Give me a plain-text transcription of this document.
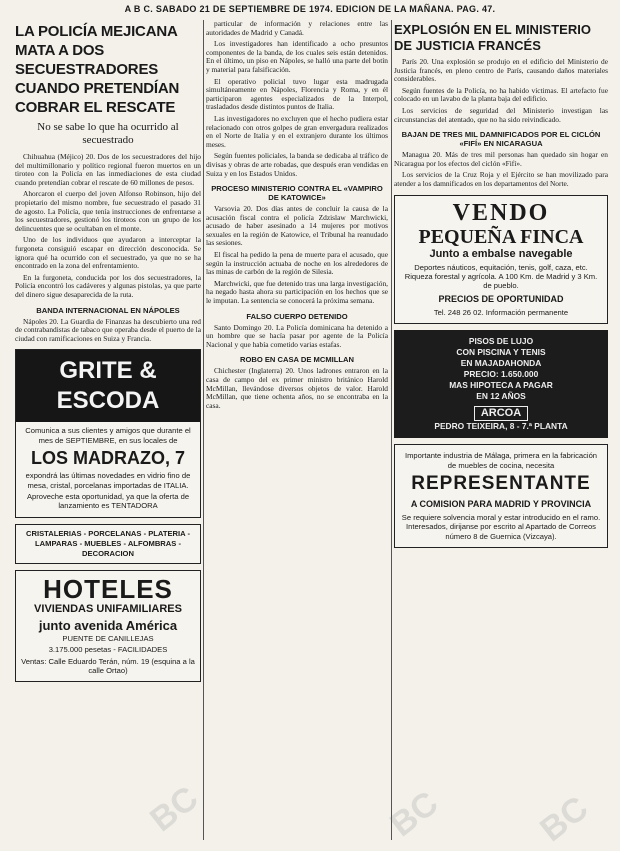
A B C. SABADO 21 DE SEPTIEMBRE DE 1974. EDICION DE LA MAÑANA. PAG. 47.
LA POLICÍA MEJICANA MATA A DOS SECUESTRADORES CUANDO PRETENDÍAN COBRAR EL RESCATE
No se sabe lo que ha ocurrido al secuestrado

Chihuahua (Méjico) 20. Dos de los secuestradores del hijo del multimillonario y político regional fueron muertos en un tiroteo con la Policía en las inmediaciones de esta ciudad cuando pretendían cobrar el rescate de 60 millones de pesos.

Ahorcaron el cuerpo del joven Alfonso Robinson, hijo del propietario del mismo nombre, fue secuestrado el pasado 31 de agosto. La Policía, que tenía instrucciones de enfrentarse a los secuestradores, gestionó los tiroteos con un grupo de los delincuentes que se ocultaban en el monte.

Uno de los individuos que ayudaron a interceptar la furgoneta consiguió escapar en dirección desconocida. Se ignora qué ha ocurrido con el secuestrado, ya que no se ha encontrado en la zona del enfrentamiento.

En la furgoneta, conducida por los dos secuestradores, la Policía encontró los cadáveres y algunas pistolas, ya que parte del dinero sigue desaparecida de la ruta.

BANDA INTERNACIONAL EN NÁPOLES

Nápoles 20. La Guardia de Finanzas ha descubierto una red de contrabandistas de tabaco que operaba desde el puerto de la ciudad con ramificaciones en Suiza y Francia.

GRITE & ESCODA
Comunica a sus clientes y amigos que durante el mes de SEPTIEMBRE, en sus locales de
LOS MADRAZO, 7
expondrá las últimas novedades en vidrio fino de mesa, cristal, porcelanas importadas de ITALIA.
Aproveche esta oportunidad, ya que la oferta de lanzamiento es TENTADORA
CRISTALERIAS - PORCELANAS - PLATERIA - LAMPARAS - MUEBLES - ALFOMBRAS - DECORACION
HOTELES
VIVIENDAS UNIFAMILIARES
junto avenida América
PUENTE DE CANILLEJAS
3.175.000 pesetas - FACILIDADES
Ventas: Calle Eduardo Terán, núm. 19 (esquina a la calle Ortao)

particular de información y relaciones entre las autoridades de Madrid y Canadá.

Los investigadores han identificado a ocho presuntos componentes de la banda, de los cuales seis están detenidos. En el último, un piso en Nápoles, se halló una parte del botín y material para falsificación.

El operativo policial tuvo lugar esta madrugada simultáneamente en Nápoles, Florencia y Roma, y en él participaron agentes especializados de la Interpol, trasladados desde distintos puntos de Italia.

Las investigadores no excluyen que el hecho pudiera estar relacionado con otros golpes de gran envergadura realizados en el Norte de Italia y en el extranjero durante los últimos meses.

Según fuentes policiales, la banda se dedicaba al tráfico de divisas y obras de arte robadas, que después eran vendidas en Suiza y en los Estados Unidos.

PROCESO MINISTERIO CONTRA EL «VAMPIRO DE KATOWICE»

Varsovia 20. Dos días antes de concluir la causa de la acusación fiscal contra el policía Zdzislaw Marchwicki, acusado de haber asesinado a 14 mujeres por motivos sexuales en la región de Katowice, el Tribunal ha reanudado las sesiones.

El fiscal ha pedido la pena de muerte para el acusado, que según la instrucción actuaba de noche en los alrededores de las minas de carbón de la región de Silesia.

Marchwicki, que fue detenido tras una larga investigación, ha negado hasta ahora su participación en los hechos que se le imputan. La sentencia se conocerá la próxima semana.

FALSO CUERPO DETENIDO

Santo Domingo 20. La Policía dominicana ha detenido a un hombre que se hacía pasar por agente de la Policía Nacional y que había cometido varias estafas.

ROBO EN CASA DE MCMILLAN

Chichester (Inglaterra) 20. Unos ladrones entraron en la casa de campo del ex primer ministro británico Harold McMillan, llevándose diversos objetos de valor. Harold McMillan, que tiene ochenta años, no se encontraba en la casa.

EXPLOSIÓN EN EL MINISTERIO DE JUSTICIA FRANCÉS

París 20. Una explosión se produjo en el edificio del Ministerio de Justicia francés, en pleno centro de París, causando daños materiales considerables.

Según fuentes de la Policía, no ha habido víctimas. El artefacto fue colocado en un lavabo de la planta baja del edificio.

Los servicios de seguridad del Ministerio investigan las circunstancias del atentado, que no ha sido reivindicado.

BAJAN DE TRES MIL DAMNIFICADOS POR EL CICLÓN «FIFÍ» EN NICARAGUA

Managua 20. Más de tres mil personas han quedado sin hogar en Nicaragua por los efectos del ciclón «Fifí».

Los servicios de la Cruz Roja y el Ejército se han movilizado para atender a los damnificados en los departamentos del Norte.

VENDO
PEQUEÑA FINCA
Junto a embalse navegable
Deportes náuticos, equitación, tenis, golf, caza, etc. Riqueza forestal y agrícola. A 100 Km. de Madrid y 3 Km. de pueblo.
PRECIOS DE OPORTUNIDAD
Tel. 248 26 02. Información permanente
PISOS DE LUJO
CON PISCINA Y TENIS
EN MAJADAHONDA
PRECIO: 1.650.000
MAS HIPOTECA A PAGAR
EN 12 AÑOS
ARCOA
PEDRO TEIXEIRA, 8 - 7.ª PLANTA
Importante industria de Málaga, primera en la fabricación de muebles de cocina, necesita
REPRESENTANTE
A COMISION PARA MADRID Y PROVINCIA
Se requiere solvencia moral y estar introducido en el ramo. Interesados, dirijanse por escrito al Apartado de Correos número 8 de Guernica (Vizcaya).
BC	BC	BC
